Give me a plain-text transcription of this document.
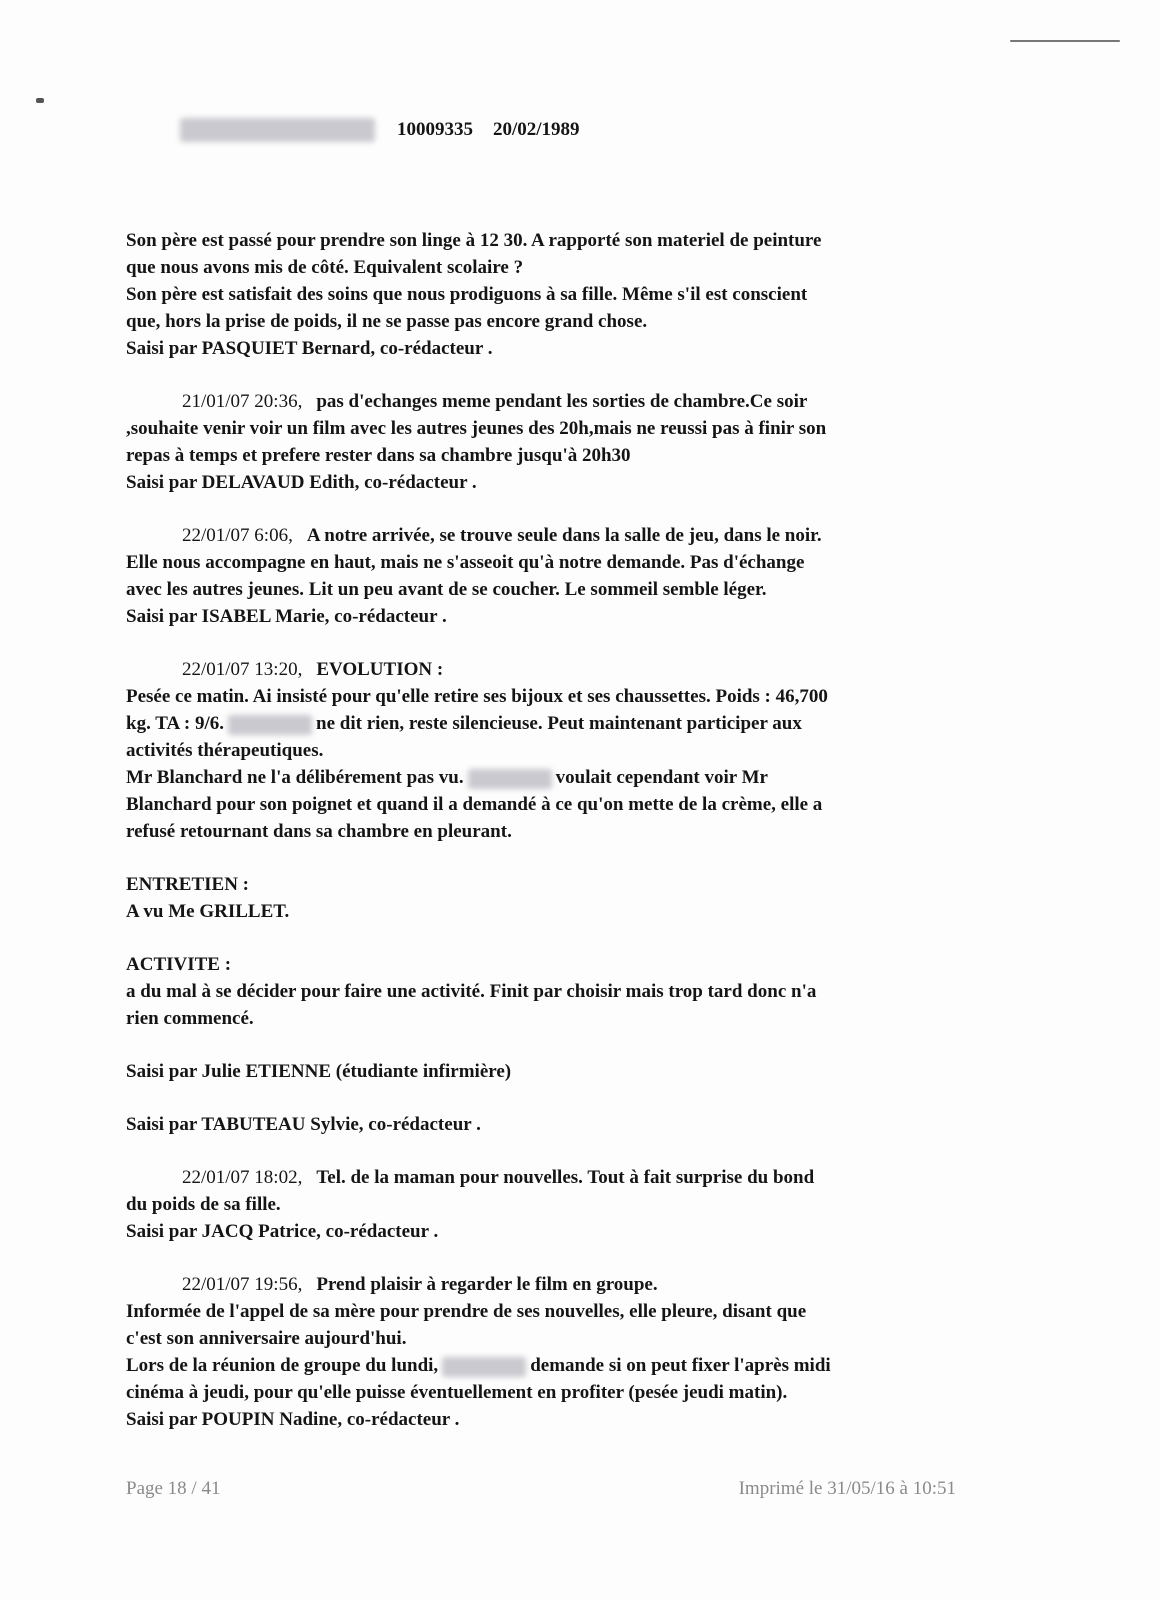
10009335 20/02/1989

Son père est passé pour prendre son linge à 12 30. A rapporté son materiel de peinture

que nous avons mis de côté. Equivalent scolaire ?

Son père est satisfait des soins que nous prodiguons à sa fille. Même s'il est conscient

que, hors la prise de poids, il ne se passe pas encore grand chose.

Saisi par PASQUIET Bernard, co-rédacteur .

21/01/07 20:36, pas d'echanges meme pendant les sorties de chambre.Ce soir

,souhaite venir voir un film avec les autres jeunes des 20h,mais ne reussi pas à finir son

repas à temps et prefere rester dans sa chambre jusqu'à 20h30

Saisi par DELAVAUD Edith, co-rédacteur .

22/01/07 6:06, A notre arrivée, se trouve seule dans la salle de jeu, dans le noir.

Elle nous accompagne en haut, mais ne s'asseoit qu'à notre demande. Pas d'échange

avec les autres jeunes. Lit un peu avant de se coucher. Le sommeil semble léger.

Saisi par ISABEL Marie, co-rédacteur .

22/01/07 13:20, EVOLUTION :

Pesée ce matin. Ai insisté pour qu'elle retire ses bijoux et ses chaussettes. Poids : 46,700

kg. TA : 9/6.	ne dit rien, reste silencieuse. Peut maintenant participer aux

activités thérapeutiques.

Mr Blanchard ne l'a délibérement pas vu.	voulait cependant voir Mr

Blanchard pour son poignet et quand il a demandé à ce qu'on mette de la crème, elle a

refusé retournant dans sa chambre en pleurant.

ENTRETIEN :

A vu Me GRILLET.

ACTIVITE :

a du mal à se décider pour faire une activité. Finit par choisir mais trop tard donc n'a

rien commencé.

Saisi par Julie ETIENNE (étudiante infirmière)

Saisi par TABUTEAU Sylvie, co-rédacteur .

22/01/07 18:02, Tel. de la maman pour nouvelles. Tout à fait surprise du bond

du poids de sa fille.

Saisi par JACQ Patrice, co-rédacteur .

22/01/07 19:56, Prend plaisir à regarder le film en groupe.

Informée de l'appel de sa mère pour prendre de ses nouvelles, elle pleure, disant que

c'est son anniversaire aujourd'hui.

Lors de la réunion de groupe du lundi,	demande si on peut fixer l'après midi

cinéma à jeudi, pour qu'elle puisse éventuellement en profiter (pesée jeudi matin).

Saisi par POUPIN Nadine, co-rédacteur .

Page 18 / 41	Imprimé le 31/05/16 à 10:51
